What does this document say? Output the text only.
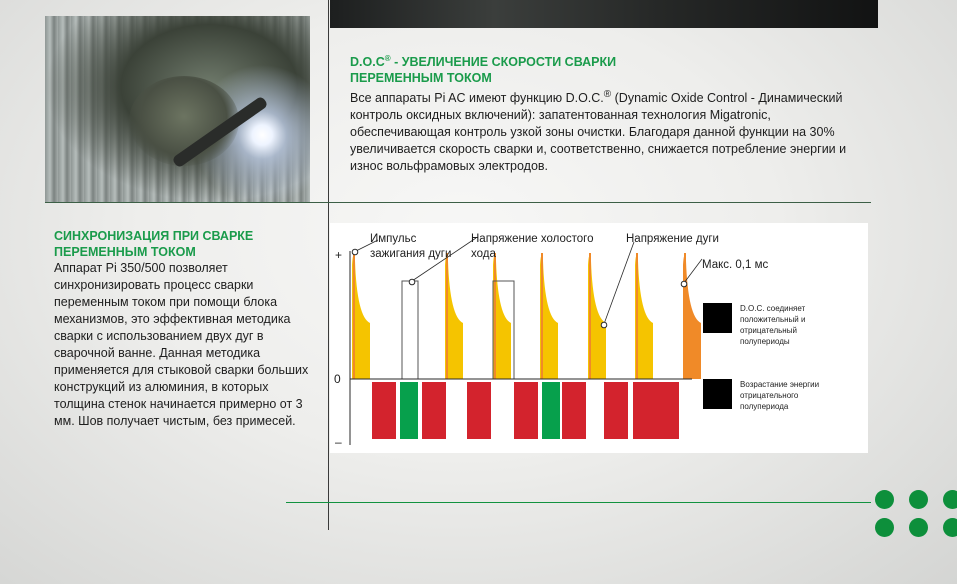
D.O.C® - УВЕЛИЧЕНИЕ СКОРОСТИ СВАРКИ
ПЕРЕМЕННЫМ ТОКОМ

Все аппараты Pi AC имеют функцию D.O.C.® (Dynamic Oxide Control - Динамический контроль оксидных включений): запатентованная технология Migatronic, обеспечивающая контроль узкой зоны очистки. Благодаря данной функции на 30% увеличивается скорость сварки и, соответственно, снижается потребление энергии и износ вольфрамовых электродов.

СИНХРОНИЗАЦИЯ ПРИ СВАРКЕ
ПЕРЕМЕННЫМ ТОКОМ

Аппарат Pi 350/500 позволяет синхронизировать процесс сварки переменным током при помощи блока механизмов, это эффективная методика сварки с использованием двух дуг в сварочной ванне. Данная методика применяется для стыковой сварки больших конструкций из алюминия, в которых толщина стенок начинается примерно от 3 мм. Шов получает чистым, без примесей.

+
0
–
Импульс зажигания дуги
Напряжение холостого хода
Напряжение дуги
Макс. 0,1 мс
D.O.C. соединяет положительный и отрицательный полупериоды
Возрастание энергии отрицательного полупериода
